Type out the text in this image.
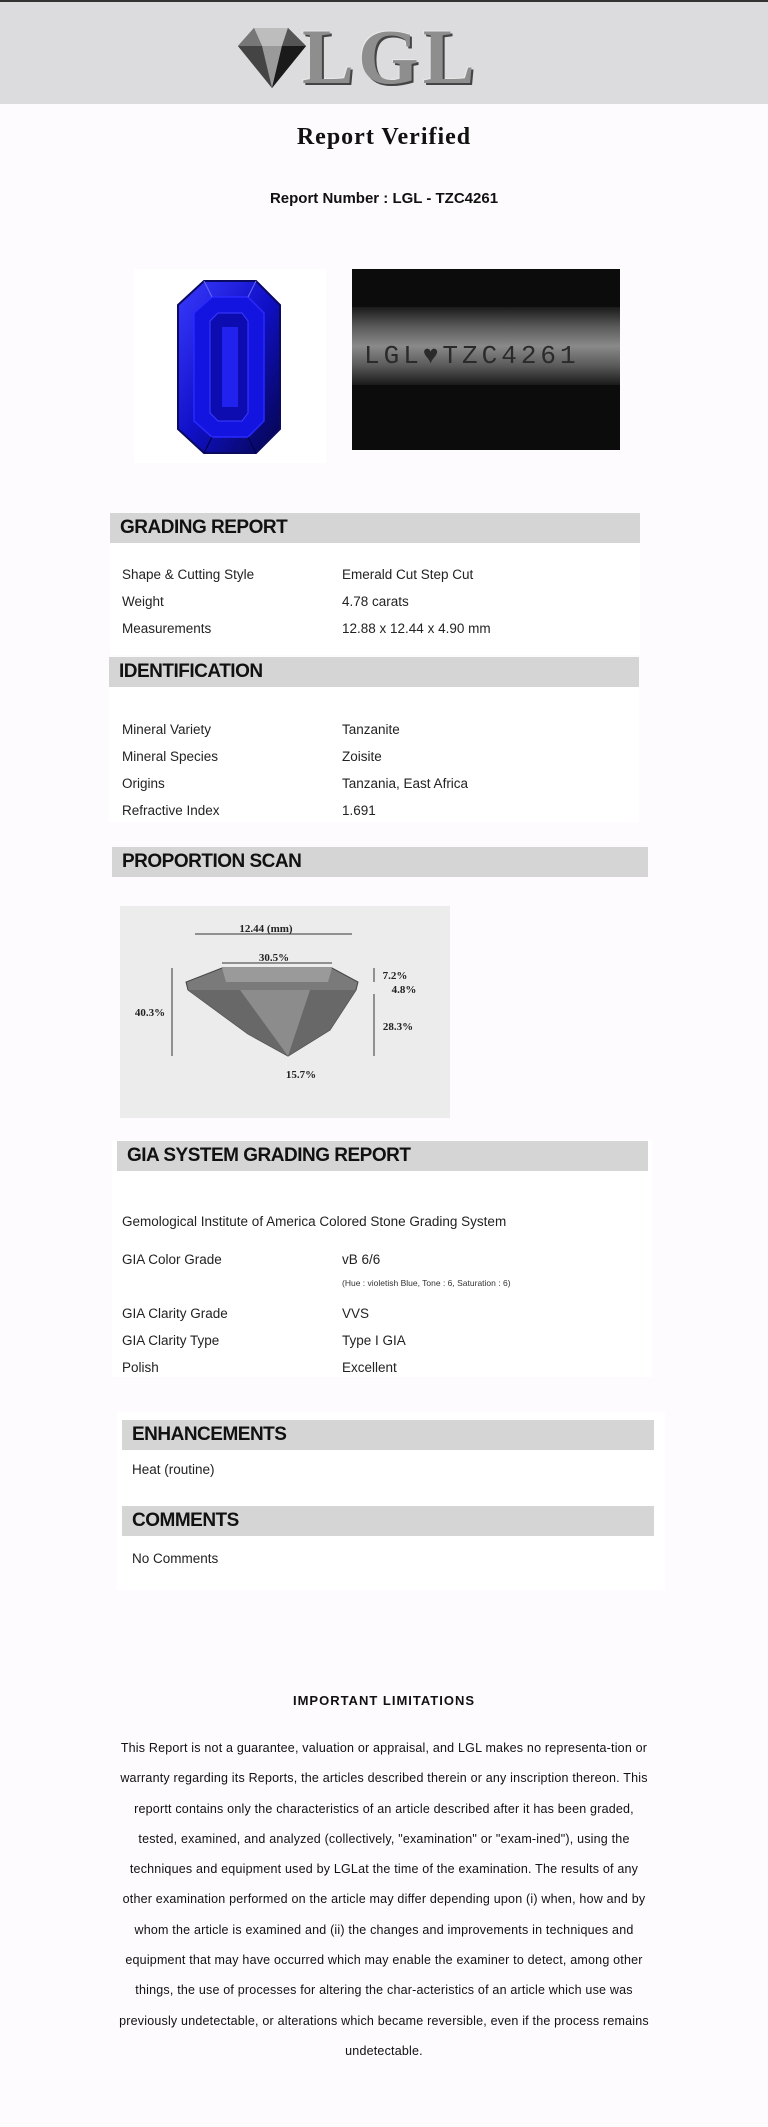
LGL
Report Verified
Report Number : LGL - TZC4261
LGL♥TZC4261
GRADING REPORT
Shape & Cutting Style	Emerald Cut Step Cut
Weight	4.78 carats
Measurements	12.88 x 12.44 x 4.90 mm
IDENTIFICATION
Mineral Variety	Tanzanite
Mineral Species	Zoisite
Origins	Tanzania, East Africa
Refractive Index	1.691
PROPORTION SCAN
12.44 (mm)
30.5%
40.3%
7.2%
4.8%
28.3%
15.7%
GIA SYSTEM GRADING REPORT
Gemological Institute of America Colored Stone Grading System
GIA Color Grade	vB 6/6
(Hue : violetish Blue, Tone : 6, Saturation : 6)
GIA Clarity Grade	VVS
GIA Clarity Type	Type I GIA
Polish	Excellent
ENHANCEMENTS
Heat (routine)
COMMENTS
No Comments
IMPORTANT LIMITATIONS
This Report is not a guarantee, valuation or appraisal, and LGL makes no representa-tion or warranty regarding its Reports, the articles described therein or any inscription thereon. This reportt contains only the characteristics of an article described after it has been graded, tested, examined, and analyzed (collectively, "examination" or "exam-ined"), using the techniques and equipment used by LGLat the time of the examination. The results of any other examination performed on the article may differ depending upon (i) when, how and by whom the article is examined and (ii) the changes and improvements in techniques and equipment that may have occurred which may enable the examiner to detect, among other things, the use of processes for altering the char-acteristics of an article which use was previously undetectable, or alterations which became reversible, even if the process remains undetectable.
